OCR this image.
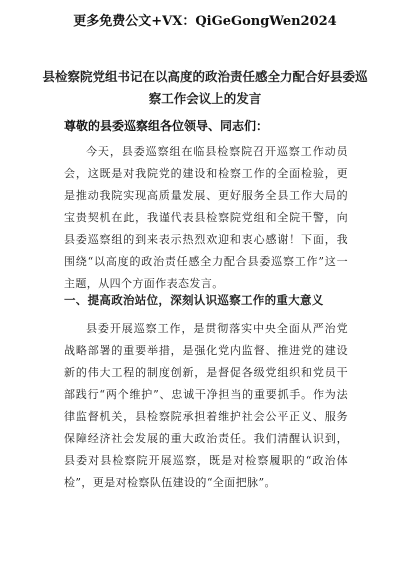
更多免费公文+VX：QiGeGongWen2024
县检察院党组书记在以高度的政治责任感全力配合好县委巡察工作会议上的发言
尊敬的县委巡察组各位领导、同志们：
今天，县委巡察组在临县检察院召开巡察工作动员会，这既是对我院党的建设和检察工作的全面检验，更是推动我院实现高质量发展、更好服务全县工作大局的宝贵契机在此，我谨代表县检察院党组和全院干警，向县委巡察组的到来表示热烈欢迎和衷心感谢！下面，我围绕“以高度的政治责任感全力配合县委巡察工作”这一主题，从四个方面作表态发言。
一、提高政治站位，深刻认识巡察工作的重大意义
县委开展巡察工作，是贯彻落实中央全面从严治党战略部署的重要举措，是强化党内监督、推进党的建设新的伟大工程的制度创新，是督促各级党组织和党员干部践行“两个维护”、忠诚干净担当的重要抓手。作为法律监督机关，县检察院承担着维护社会公平正义、服务保障经济社会发展的重大政治责任。我们清醒认识到，县委对县检察院开展巡察，既是对检察履职的“政治体检”，更是对检察队伍建设的“全面把脉”。
